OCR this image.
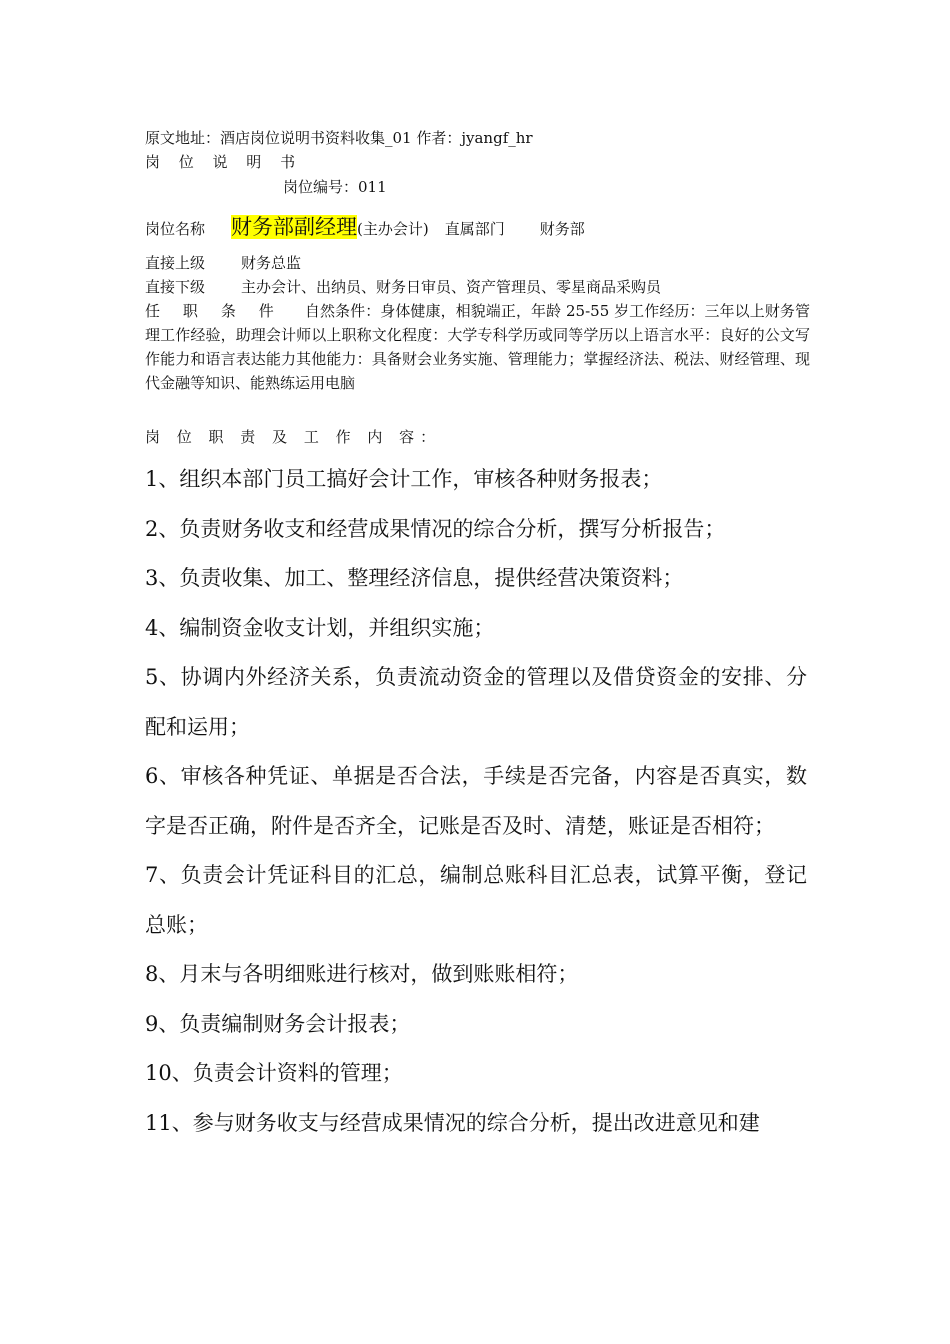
原文地址：酒店岗位说明书资料收集_01 作者：jyangf_hr
岗 位 说 明 书
岗位编号：011
岗位名称 财务部副经理(主办会计) 直属部门 财务部
直接上级 财务总监
直接下级 主办会计、出纳员、财务日审员、资产管理员、零星商品采购员
任 职 条 件 自然条件：身体健康，相貌端正，年龄 25-55 岁工作经历：三年以上财务管理工作经验，助理会计师以上职称文化程度：大学专科学历或同等学历以上语言水平：良好的公文写作能力和语言表达能力其他能力：具备财会业务实施、管理能力；掌握经济法、税法、财经管理、现代金融等知识、能熟练运用电脑
岗 位 职 责 及 工 作 内 容：
1、组织本部门员工搞好会计工作，审核各种财务报表；
2、负责财务收支和经营成果情况的综合分析，撰写分析报告；
3、负责收集、加工、整理经济信息，提供经营决策资料；
4、编制资金收支计划，并组织实施；
5、协调内外经济关系，负责流动资金的管理以及借贷资金的安排、分配和运用；
6、审核各种凭证、单据是否合法，手续是否完备，内容是否真实，数字是否正确，附件是否齐全，记账是否及时、清楚，账证是否相符；
7、负责会计凭证科目的汇总，编制总账科目汇总表，试算平衡，登记总账；
8、月末与各明细账进行核对，做到账账相符；
9、负责编制财务会计报表；
10、负责会计资料的管理；
11、参与财务收支与经营成果情况的综合分析，提出改进意见和建
